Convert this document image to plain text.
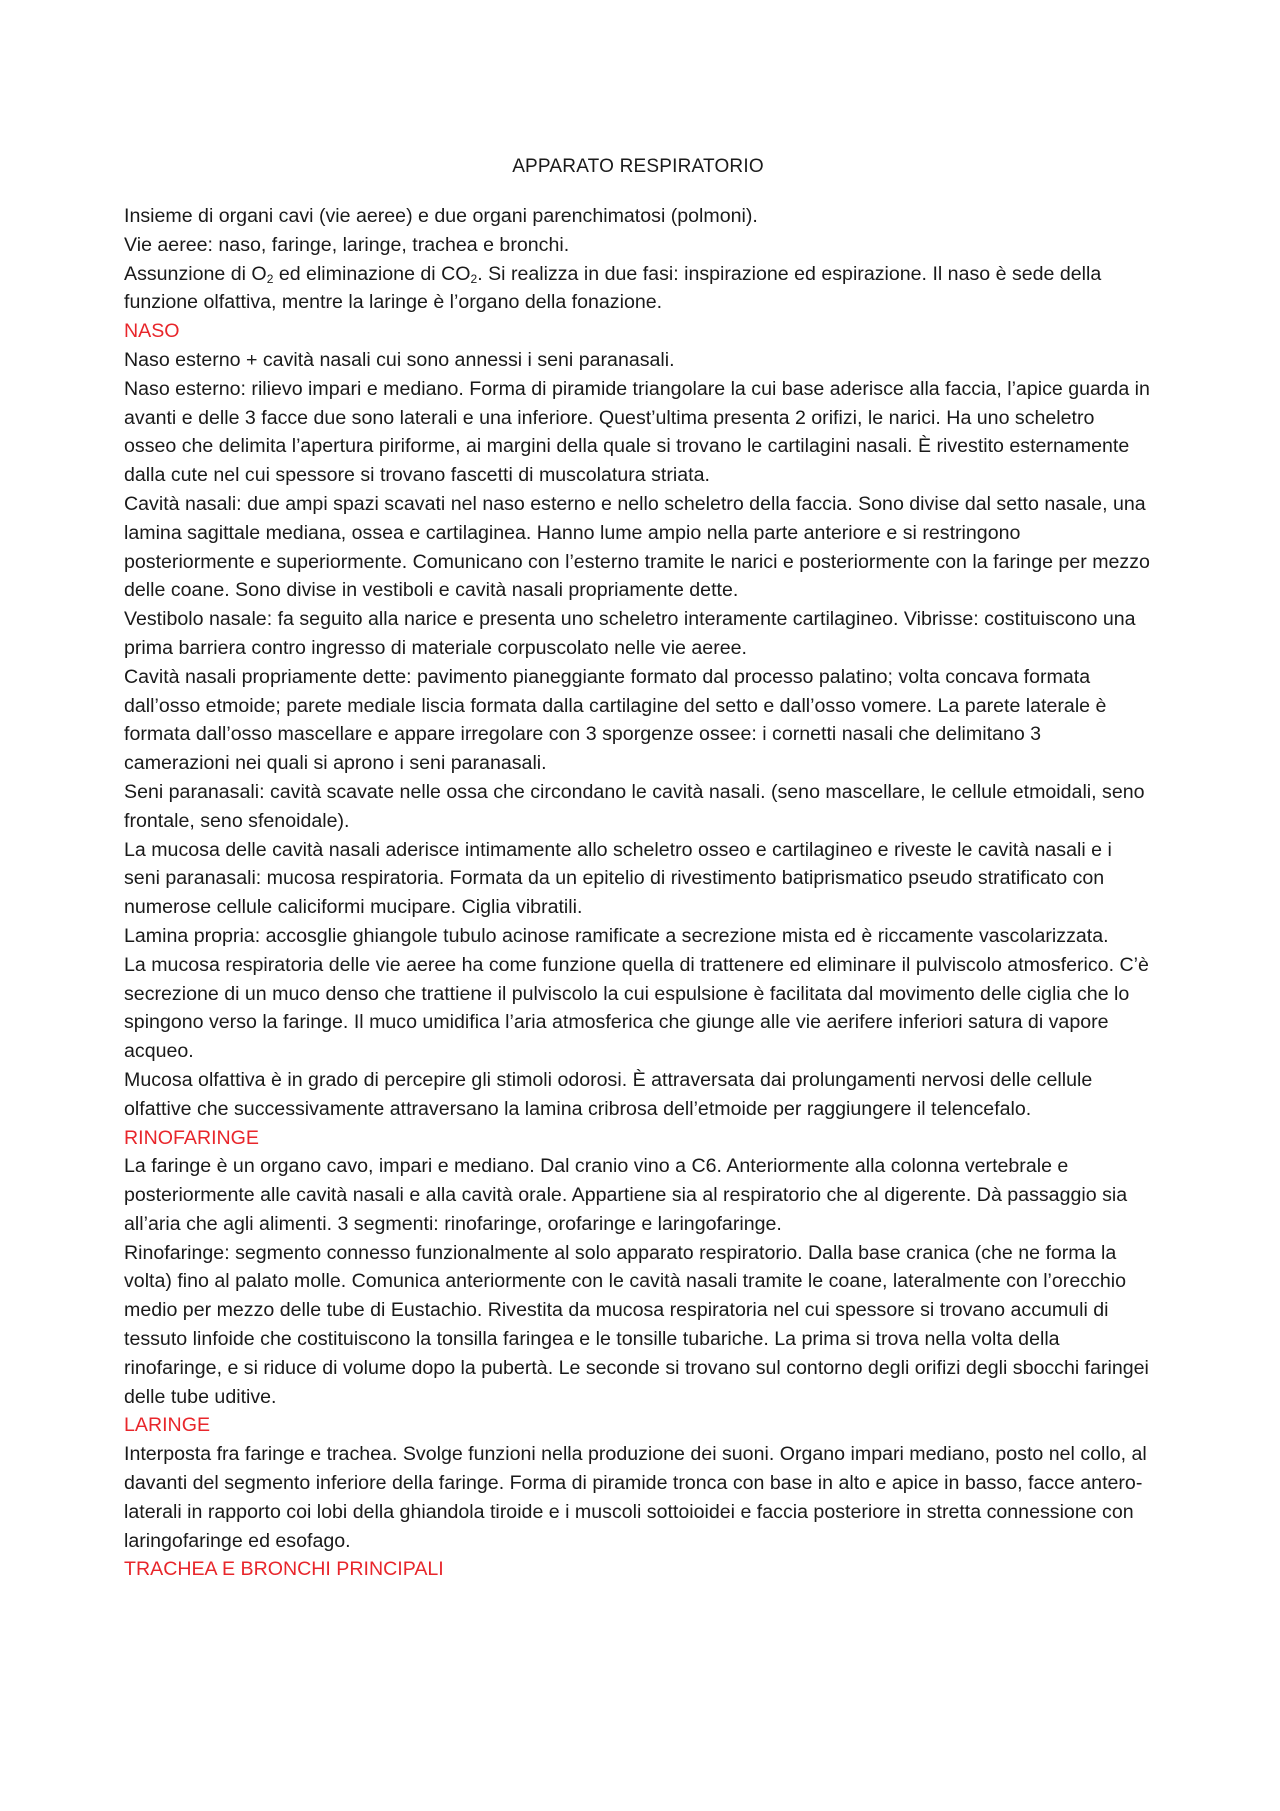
APPARATO RESPIRATORIO

Insieme di organi cavi (vie aeree) e due organi parenchimatosi (polmoni).

Vie aeree: naso, faringe, laringe, trachea e bronchi.

Assunzione di $O_2$ ed eliminazione di $CO_2$. Si realizza in due fasi: inspirazione ed espirazione. Il naso è sede della funzione olfattiva, mentre la laringe è l’organo della fonazione.

NASO

Naso esterno + cavità nasali cui sono annessi i seni paranasali.

Naso esterno: rilievo impari e mediano. Forma di piramide triangolare la cui base aderisce alla faccia, l’apice guarda in avanti e delle 3 facce due sono laterali e una inferiore. Quest’ultima presenta 2 orifizi, le narici. Ha uno scheletro osseo che delimita l’apertura piriforme, ai margini della quale si trovano le cartilagini nasali. È rivestito esternamente dalla cute nel cui spessore si trovano fascetti di muscolatura striata.

Cavità nasali: due ampi spazi scavati nel naso esterno e nello scheletro della faccia. Sono divise dal setto nasale, una lamina sagittale mediana, ossea e cartilaginea. Hanno lume ampio nella parte anteriore e si restringono posteriormente e superiormente. Comunicano con l’esterno tramite le narici e posteriormente con la faringe per mezzo delle coane. Sono divise in vestiboli e cavità nasali propriamente dette.

Vestibolo nasale: fa seguito alla narice e presenta uno scheletro interamente cartilagineo. Vibrisse: costituiscono una prima barriera contro ingresso di materiale corpuscolato nelle vie aeree.

Cavità nasali propriamente dette: pavimento pianeggiante formato dal processo palatino; volta concava formata dall’osso etmoide; parete mediale liscia formata dalla cartilagine del setto e dall’osso vomere. La parete laterale è formata dall’osso mascellare e appare irregolare con 3 sporgenze ossee: i cornetti nasali che delimitano 3 camerazioni nei quali si aprono i seni paranasali.

Seni paranasali: cavità scavate nelle ossa che circondano le cavità nasali. (seno mascellare, le cellule etmoidali, seno frontale, seno sfenoidale).

La mucosa delle cavità nasali aderisce intimamente allo scheletro osseo e cartilagineo e riveste le cavità nasali e i seni paranasali: mucosa respiratoria. Formata da un epitelio di rivestimento batiprismatico pseudo stratificato con numerose cellule caliciformi mucipare. Ciglia vibratili.

Lamina propria: accosglie ghiangole tubulo acinose ramificate a secrezione mista ed è riccamente vascolarizzata.

La mucosa respiratoria delle vie aeree ha come funzione quella di trattenere ed eliminare il pulviscolo atmosferico. C’è secrezione di un muco denso che trattiene il pulviscolo la cui espulsione è facilitata dal movimento delle ciglia che lo spingono verso la faringe. Il muco umidifica l’aria atmosferica che giunge alle vie aerifere inferiori satura di vapore acqueo.

Mucosa olfattiva è in grado di percepire gli stimoli odorosi. È attraversata dai prolungamenti nervosi delle cellule olfattive che successivamente attraversano la lamina cribrosa dell’etmoide per raggiungere il telencefalo.

RINOFARINGE

La faringe è un organo cavo, impari e mediano. Dal cranio vino a C6. Anteriormente alla colonna vertebrale e posteriormente alle cavità nasali e alla cavità orale. Appartiene sia al respiratorio che al digerente. Dà passaggio sia all’aria che agli alimenti. 3 segmenti: rinofaringe, orofaringe e laringofaringe.

Rinofaringe: segmento connesso funzionalmente al solo apparato respiratorio. Dalla base cranica (che ne forma la volta) fino al palato molle. Comunica anteriormente con le cavità nasali tramite le coane, lateralmente con l’orecchio medio per mezzo delle tube di Eustachio. Rivestita da mucosa respiratoria nel cui spessore si trovano accumuli di tessuto linfoide che costituiscono la tonsilla faringea e le tonsille tubariche. La prima si trova nella volta della rinofaringe, e si riduce di volume dopo la pubertà. Le seconde si trovano sul contorno degli orifizi degli sbocchi faringei delle tube uditive.

LARINGE

Interposta fra faringe e trachea. Svolge funzioni nella produzione dei suoni. Organo impari mediano, posto nel collo, al davanti del segmento inferiore della faringe. Forma di piramide tronca con base in alto e apice in basso, facce antero-laterali in rapporto coi lobi della ghiandola tiroide e i muscoli sottoioidei e faccia posteriore in stretta connessione con laringofaringe ed esofago.

TRACHEA E BRONCHI PRINCIPALI
